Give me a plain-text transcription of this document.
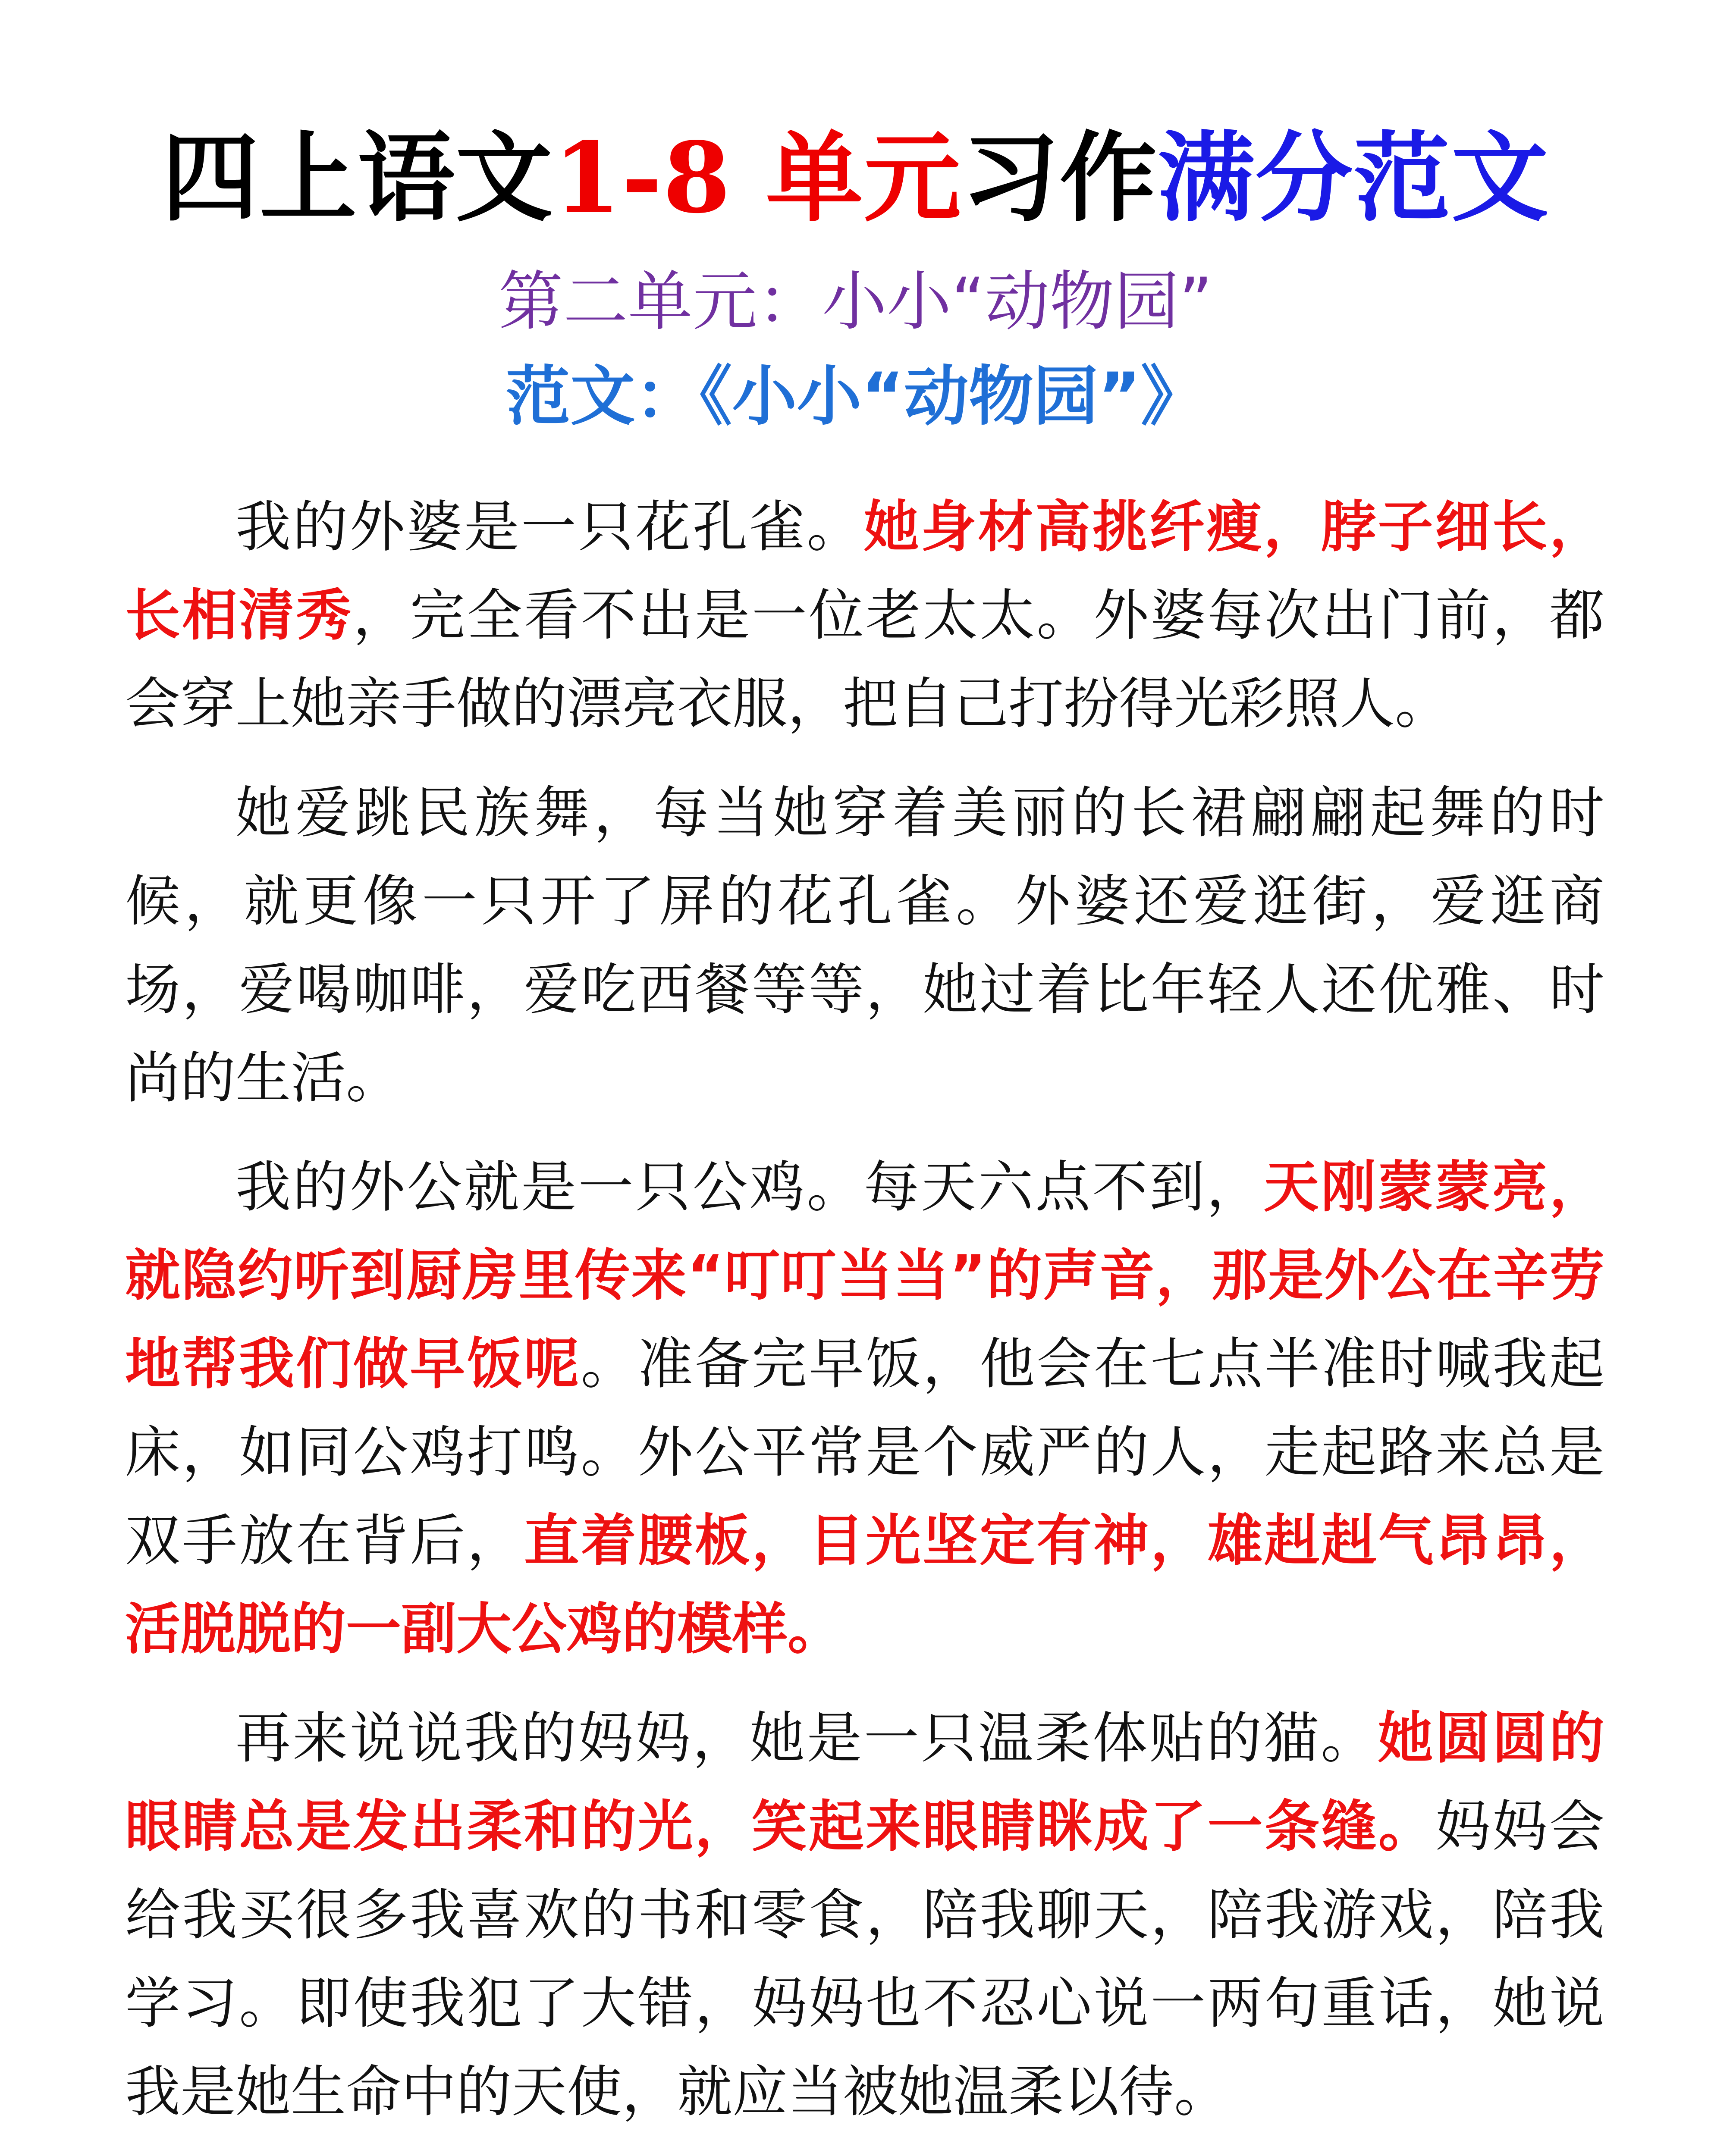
四上语文1-8 单元习作满分范文
第二单元：小小“动物园”
范文：《小小“动物园”》

我的外婆是一只花孔雀。她身材高挑纤瘦，脖子细长，长相清秀，完全看不出是一位老太太。外婆每次出门前，都会穿上她亲手做的漂亮衣服，把自己打扮得光彩照人。

她爱跳民族舞，每当她穿着美丽的长裙翩翩起舞的时候，就更像一只开了屏的花孔雀。外婆还爱逛街，爱逛商场，爱喝咖啡，爱吃西餐等等，她过着比年轻人还优雅、时尚的生活。

我的外公就是一只公鸡。每天六点不到，天刚蒙蒙亮，就隐约听到厨房里传来“叮叮当当”的声音，那是外公在辛劳地帮我们做早饭呢。准备完早饭，他会在七点半准时喊我起床，如同公鸡打鸣。外公平常是个威严的人，走起路来总是双手放在背后，直着腰板，目光坚定有神，雄赳赳气昂昂，活脱脱的一副大公鸡的模样。

再来说说我的妈妈，她是一只温柔体贴的猫。她圆圆的眼睛总是发出柔和的光，笑起来眼睛眯成了一条缝。妈妈会给我买很多我喜欢的书和零食，陪我聊天，陪我游戏，陪我学习。即使我犯了大错，妈妈也不忍心说一两句重话，她说我是她生命中的天使，就应当被她温柔以待。
